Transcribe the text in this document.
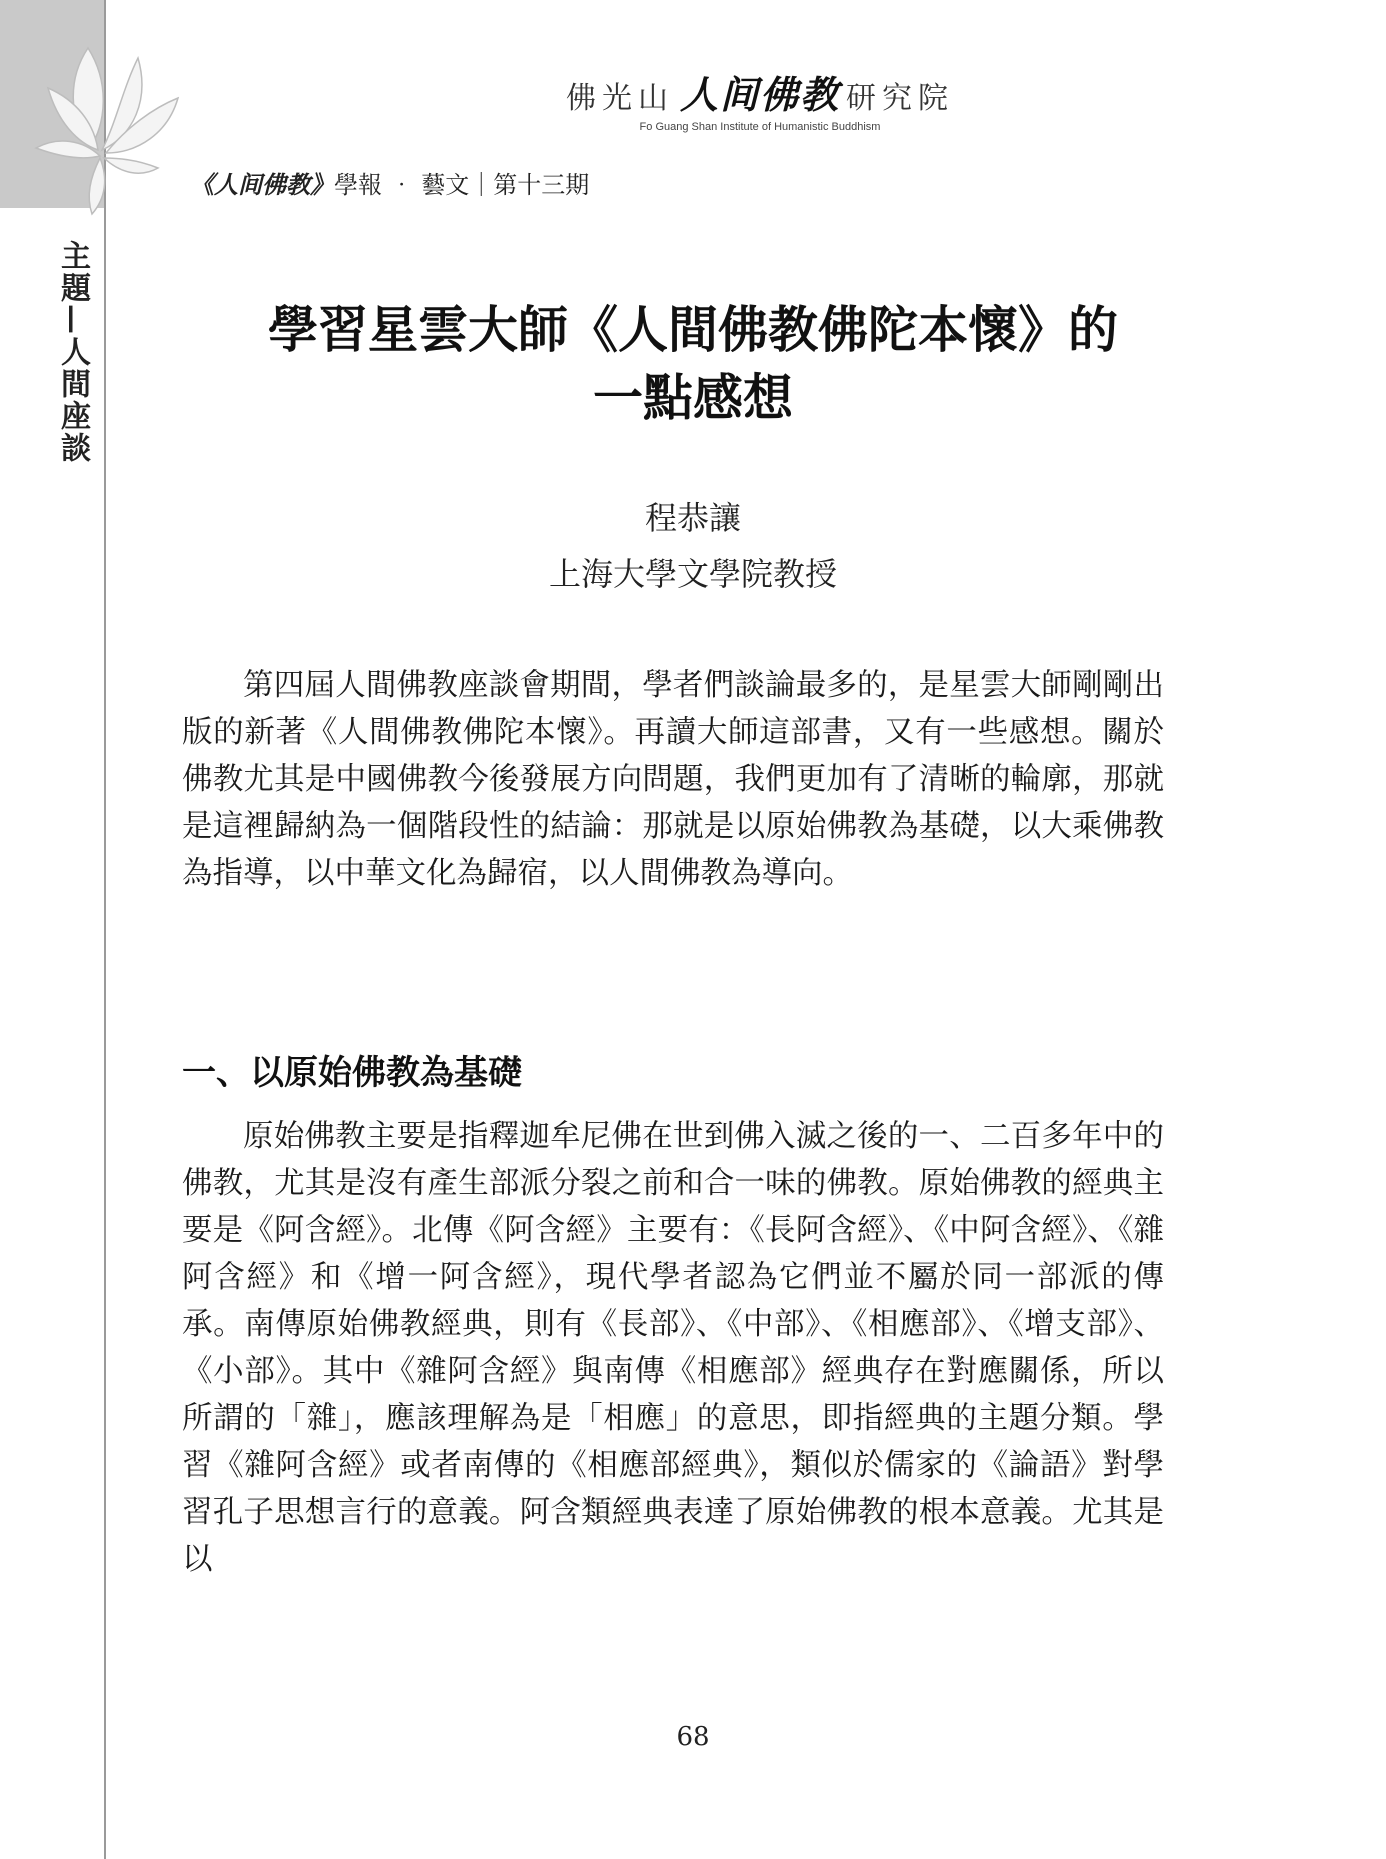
主題—人間座談
佛光山 人间佛教 研究院
Fo Guang Shan Institute of Humanistic Buddhism
《人间佛教》學報 ‧ 藝文｜第十三期
學習星雲大師《人間佛教佛陀本懷》的
一點感想
程恭讓
上海大學文學院教授

第四屆人間佛教座談會期間，學者們談論最多的，是星雲大師剛剛出版的新著《人間佛教佛陀本懷》。再讀大師這部書，又有一些感想。關於佛教尤其是中國佛教今後發展方向問題，我們更加有了清晰的輪廓，那就是這裡歸納為一個階段性的結論：那就是以原始佛教為基礎，以大乘佛教為指導，以中華文化為歸宿，以人間佛教為導向。

一、以原始佛教為基礎

原始佛教主要是指釋迦牟尼佛在世到佛入滅之後的一、二百多年中的佛教，尤其是沒有產生部派分裂之前和合一味的佛教。原始佛教的經典主要是《阿含經》。北傳《阿含經》主要有：《長阿含經》、《中阿含經》、《雜阿含經》和《增一阿含經》，現代學者認為它們並不屬於同一部派的傳承。南傳原始佛教經典，則有《長部》、《中部》、《相應部》、《增支部》、《小部》。其中《雜阿含經》與南傳《相應部》經典存在對應關係，所以所謂的「雜」，應該理解為是「相應」的意思，即指經典的主題分類。學習《雜阿含經》或者南傳的《相應部經典》，類似於儒家的《論語》對學習孔子思想言行的意義。阿含類經典表達了原始佛教的根本意義。尤其是以

68
